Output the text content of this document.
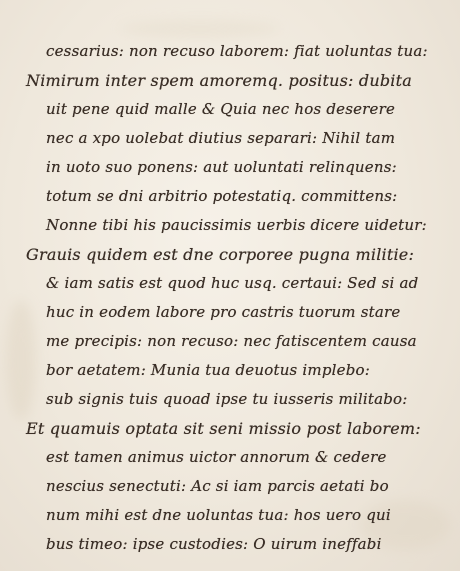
cessarius: non recuso laborem: fiat uoluntas tua:
Nimirum inter spem amoremq. positus: dubita
uit pene quid malle & Quia nec hos deserere
nec a xpo uolebat diutius separari: Nihil tam
in uoto suo ponens: aut uoluntati relinquens:
totum se dni arbitrio potestatiq. committens:
Nonne tibi his paucissimis uerbis dicere uidetur:
Grauis quidem est dne corporee pugna militie:
& iam satis est quod huc usq. certaui: Sed si ad
huc in eodem labore pro castris tuorum stare
me precipis: non recuso: nec fatiscentem causa
bor aetatem: Munia tua deuotus implebo:
sub signis tuis quoad ipse tu iusseris militabo:
Et quamuis optata sit seni missio post laborem:
est tamen animus uictor annorum & cedere
nescius senectuti: Ac si iam parcis aetati bo
num mihi est dne uoluntas tua: hos uero qui
bus timeo: ipse custodies: O uirum ineffabi
